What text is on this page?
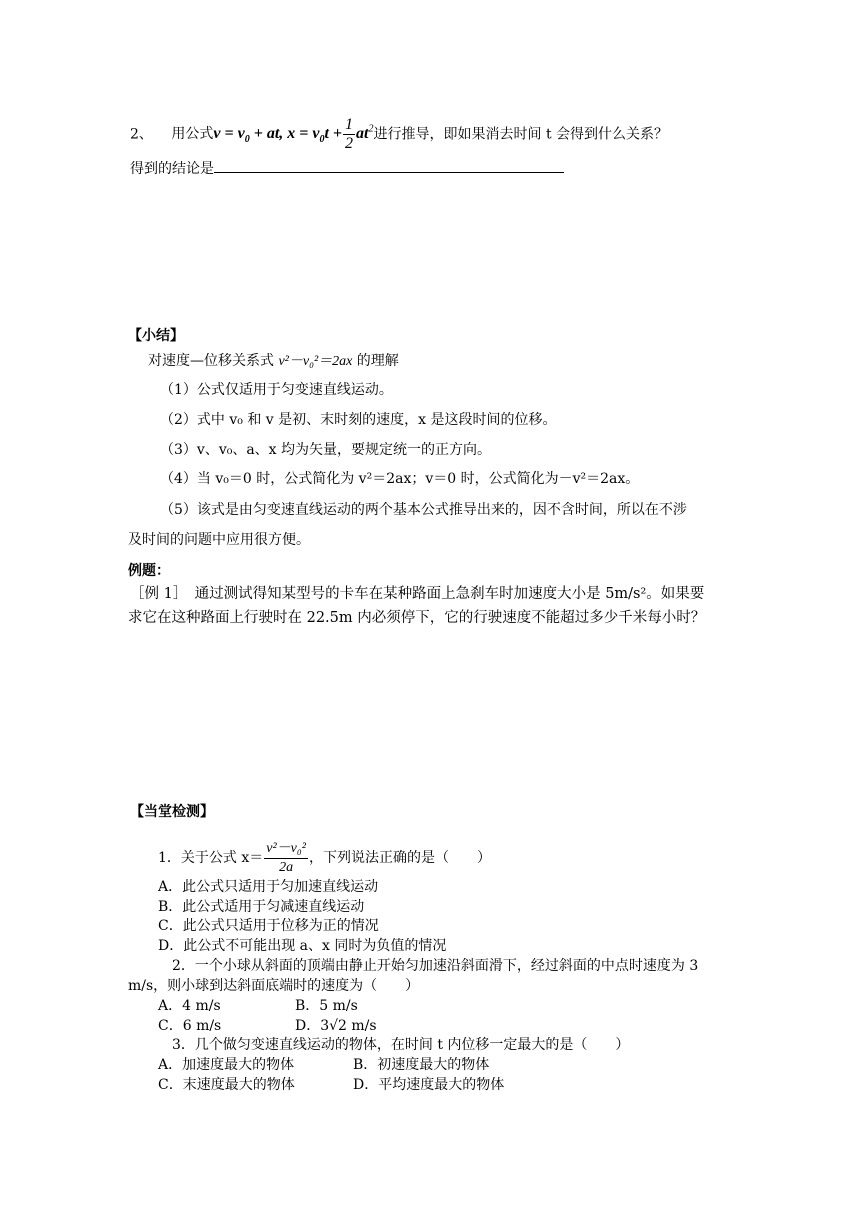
2、 用公式$v = v_0$ + at, $x = v_0t + \frac{1}{2} at^2$进行推导，即如果消去时间 t 会得到什么关系？
得到的结论是
【小结】
对速度—位移关系式 v²－v₀²＝2ax 的理解
（1）公式仅适用于匀变速直线运动。
（2）式中 v₀ 和 v 是初、末时刻的速度，x 是这段时间的位移。
（3）v、v₀、a、x 均为矢量，要规定统一的正方向。
（4）当 v₀＝0 时，公式简化为 v²＝2ax；v＝0 时，公式简化为－v²＝2ax。
（5）该式是由匀变速直线运动的两个基本公式推导出来的，因不含时间，所以在不涉
及时间的问题中应用很方便。
例题：
［例 1］　通过测试得知某型号的卡车在某种路面上急刹车时加速度大小是 5m/s²。如果要
求它在这种路面上行驶时在 22.5m 内必须停下，它的行驶速度不能超过多少千米每小时？
【当堂检测】
1．关于公式 $x= \frac{\text{v²－v₀²}}{2a}$ ，下列说法正确的是（　　）
A．此公式只适用于匀加速直线运动
B．此公式适用于匀减速直线运动
C．此公式只适用于位移为正的情况
D．此公式不可能出现 a、x 同时为负值的情况
2．一个小球从斜面的顶端由静止开始匀加速沿斜面滑下，经过斜面的中点时速度为 3
m/s，则小球到达斜面底端时的速度为（　　）
A．4 m/s	B．5 m/s
C．6 m/s	D．3√2 m/s
3．几个做匀变速直线运动的物体，在时间 t 内位移一定最大的是（　　）
A．加速度最大的物体	B．初速度最大的物体
C．末速度最大的物体	D．平均速度最大的物体
